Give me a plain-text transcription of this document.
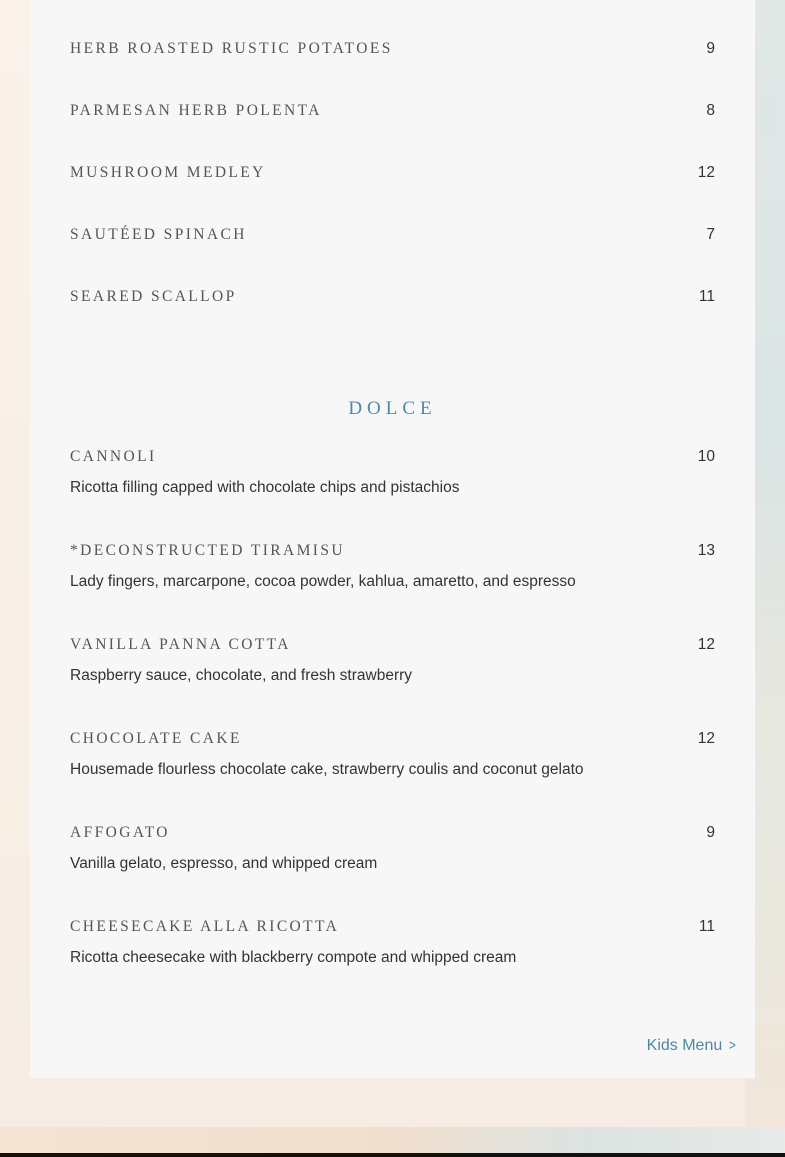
HERB ROASTED RUSTIC POTATOES	9
PARMESAN HERB POLENTA	8
MUSHROOM MEDLEY	12
SAUTÉED SPINACH	7
SEARED SCALLOP	11
DOLCE
CANNOLI	10
Ricotta filling capped with chocolate chips and pistachios
*DECONSTRUCTED TIRAMISU	13
Lady fingers, marcarpone, cocoa powder, kahlua, amaretto, and espresso
VANILLA PANNA COTTA	12
Raspberry sauce, chocolate, and fresh strawberry
CHOCOLATE CAKE	12
Housemade flourless chocolate cake, strawberry coulis and coconut gelato
AFFOGATO	9
Vanilla gelato, espresso, and whipped cream
CHEESECAKE ALLA RICOTTA	11
Ricotta cheesecake with blackberry compote and whipped cream
Kids Menu >
